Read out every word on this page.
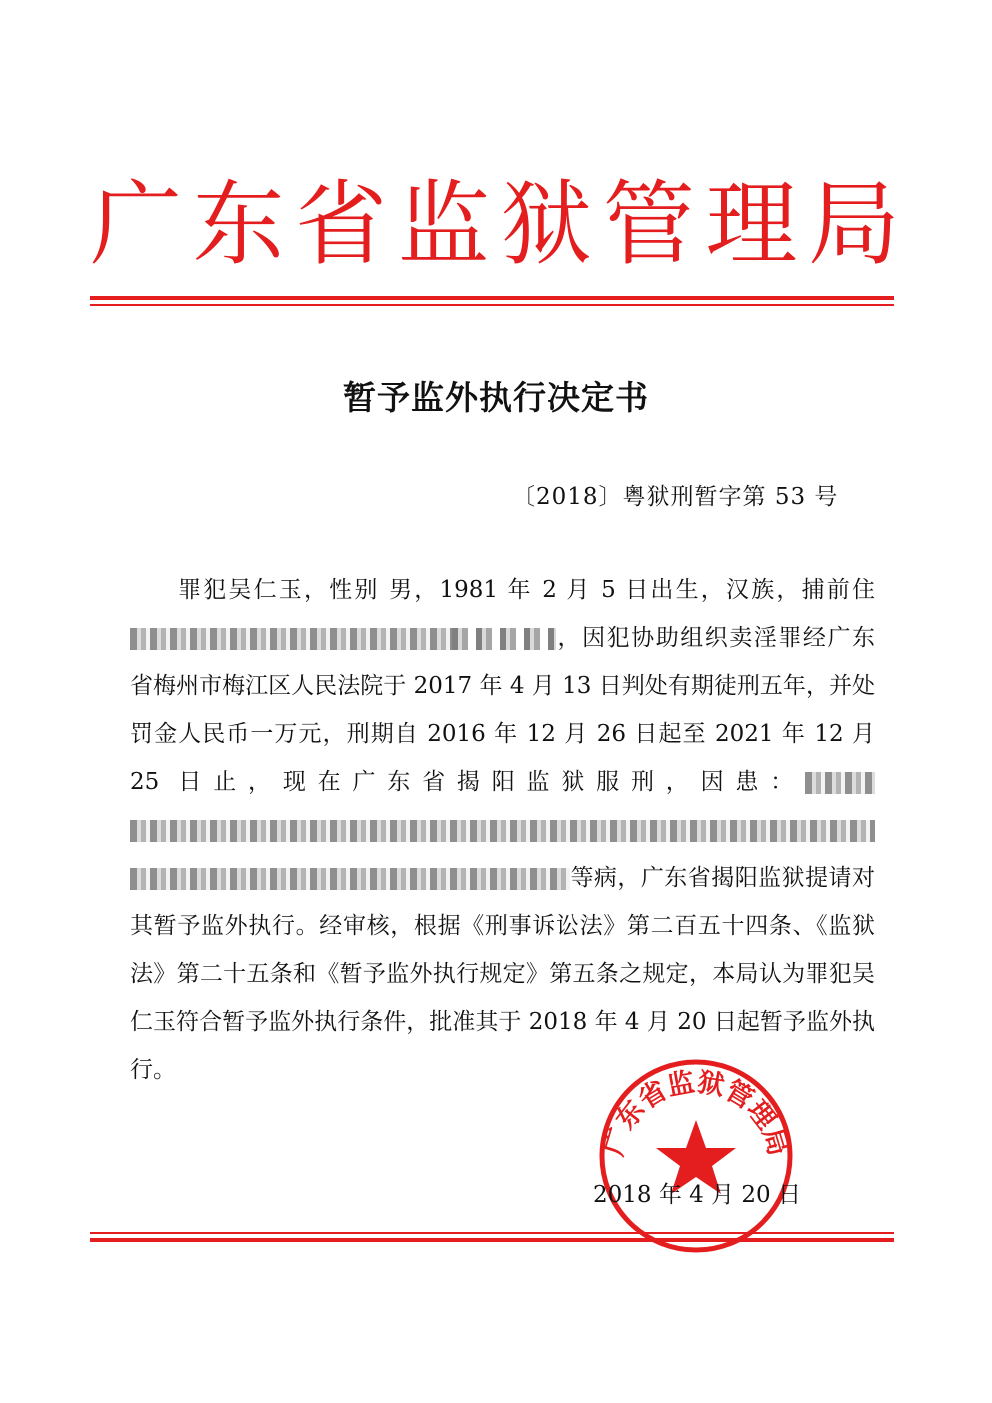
广 东 省 监 狱 管 理 局
暂予监外执行决定书
〔2018〕粤狱刑暂字第 53 号

罪犯吴仁玉，性别 男，1981 年 2 月 5 日出生，汉族，捕前住，因犯协助组织卖淫罪经广东省梅州市梅江区人民法院于 2017 年 4 月 13 日判处有期徒刑五年，并处罚金人民币一万元，刑期自 2016 年 12 月 26 日起至 2021 年 12 月 25 日止，现在广东省揭阳监狱服刑，因患：等病，广东省揭阳监狱提请对其暂予监外执行。经审核，根据《刑事诉讼法》第二百五十四条、《监狱法》第二十五条和《暂予监外执行规定》第五条之规定，本局认为罪犯吴仁玉符合暂予监外执行条件，批准其于 2018 年 4 月 20 日起暂予监外执行。

广东省监狱管理局
2018 年 4 月 20 日
